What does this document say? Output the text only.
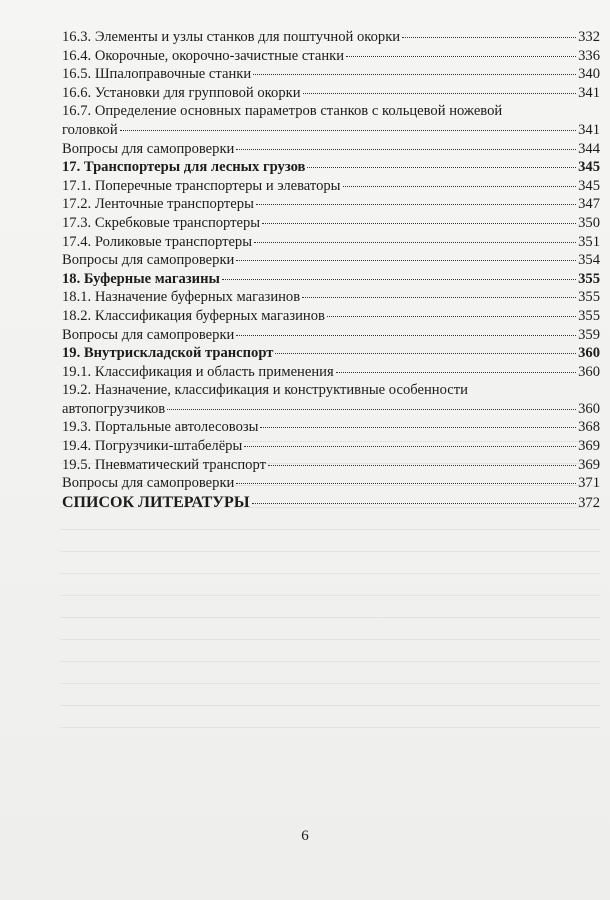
16.3. Элементы и узлы станков для поштучной окорки	332
16.4. Окорочные, окорочно-зачистные станки	336
16.5. Шпалоправочные станки	340
16.6. Установки для групповой окорки	341
16.7. Определение основных параметров станков с кольцевой ножевой
головкой	341
Вопросы для самопроверки	344
17. Транспортеры для лесных грузов	345
17.1. Поперечные транспортеры и элеваторы	345
17.2. Ленточные транспортеры	347
17.3. Скребковые транспортеры	350
17.4. Роликовые транспортеры	351
Вопросы для самопроверки	354
18. Буферные магазины	355
18.1. Назначение буферных магазинов	355
18.2. Классификация буферных магазинов	355
Вопросы для самопроверки	359
19. Внутрискладской транспорт	360
19.1. Классификация и область применения	360
19.2. Назначение, классификация и конструктивные особенности
автопогрузчиков	360
19.3. Портальные автолесовозы	368
19.4. Погрузчики-штабелёры	369
19.5. Пневматический транспорт	369
Вопросы для самопроверки	371
СПИСОК ЛИТЕРАТУРЫ	372
6
